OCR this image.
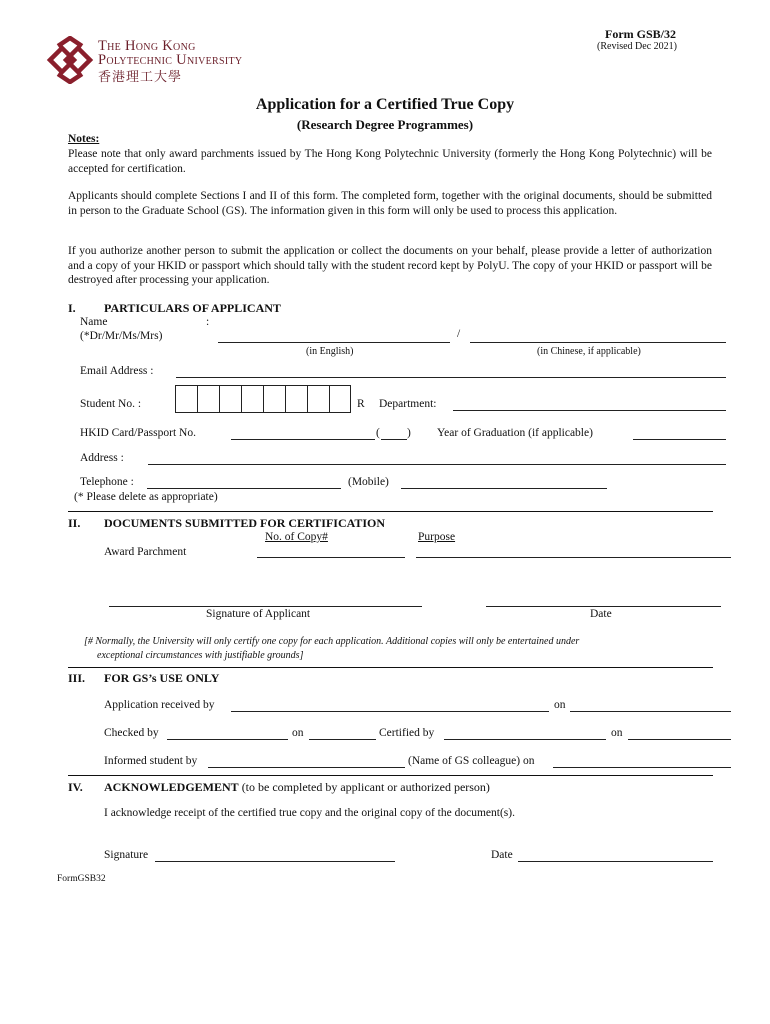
The Hong Kong
Polytechnic University
香港理工大學
Form GSB/32
(Revised Dec 2021)
Application for a Certified True Copy
(Research Degree Programmes)
Notes:
Please note that only award parchments issued by The Hong Kong Polytechnic University (formerly the Hong Kong Polytechnic) will be accepted for certification.
Applicants should complete Sections I and II of this form. The completed form, together with the original documents, should be submitted in person to the Graduate School (GS). The information given in this form will only be used to process this application.
If you authorize another person to submit the application or collect the documents on your behalf, please provide a letter of authorization and a copy of your HKID or passport which should tally with the student record kept by PolyU. The copy of your HKID or passport will be destroyed after processing your application.
I. PARTICULARS OF APPLICANT
Name	:
(*Dr/Mr/Ms/Mrs)	/
(in English)	(in Chinese, if applicable)
Email Address :
Student No. :	R Department:
HKID Card/Passport No.	( ) Year of Graduation (if applicable)
Address :
Telephone :	(Mobile)
(* Please delete as appropriate)
II. DOCUMENTS SUBMITTED FOR CERTIFICATION
No. of Copy#	Purpose
Award Parchment
Signature of Applicant	Date
[# Normally, the University will only certify one copy for each application. Additional copies will only be entertained under
exceptional circumstances with justifiable grounds]
III. FOR GS’s USE ONLY
Application received by	on
Checked by	on	Certified by	on
Informed student by	(Name of GS colleague) on
IV. ACKNOWLEDGEMENT (to be completed by applicant or authorized person)
I acknowledge receipt of the certified true copy and the original copy of the document(s).
Signature	Date
FormGSB32
